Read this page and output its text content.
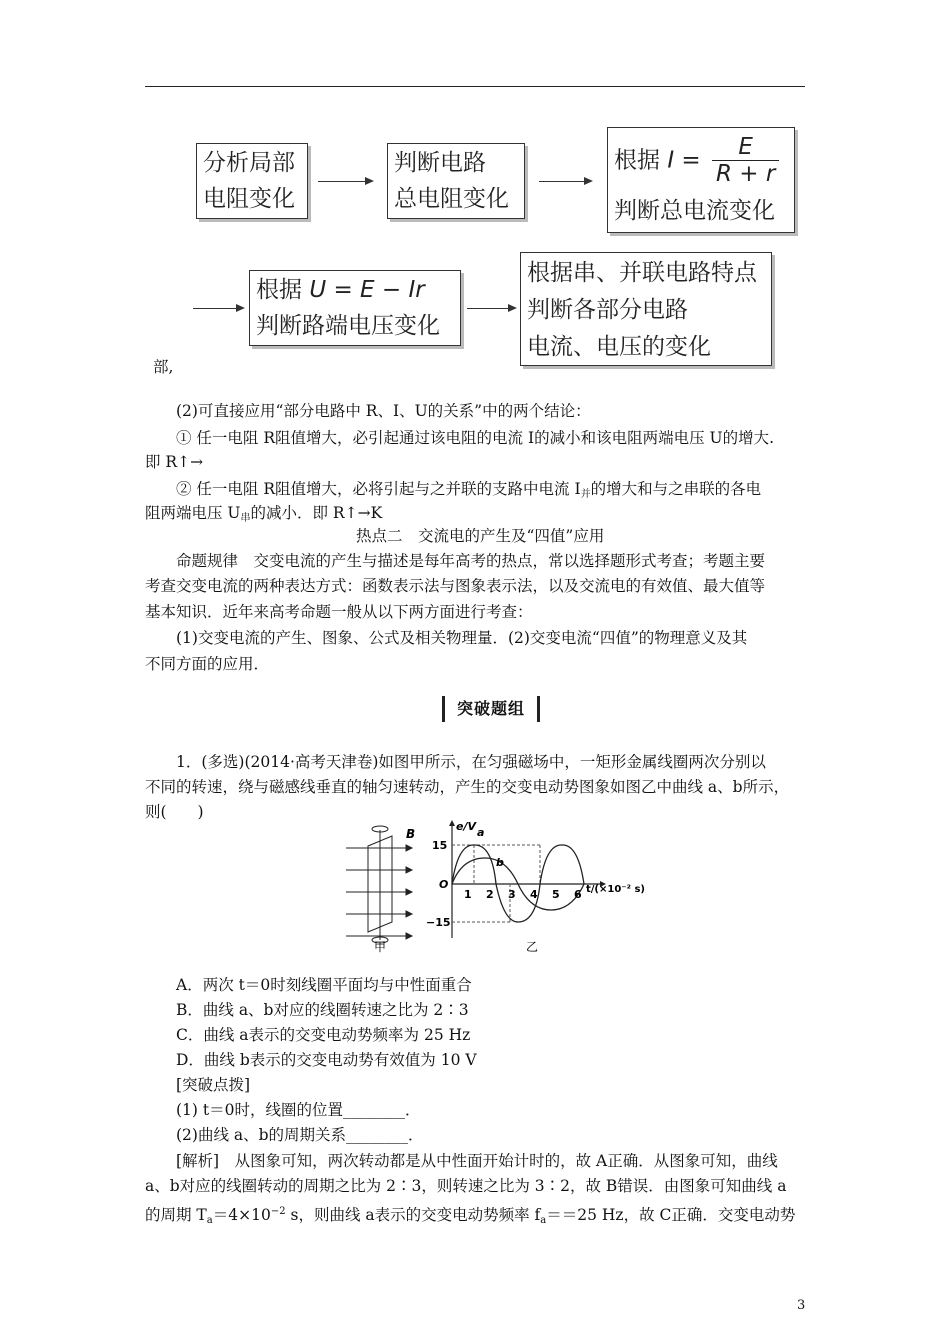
分析局部
电阻变化
判断电路
总电阻变化
根据 $I = \frac{E}{R + r}$
判断总电流变化
根据 U = E − Ir
判断路端电压变化
根据串、并联电路特点
判断各部分电路
电流、电压的变化
部,
(2)可直接应用“部分电路中 R、I、U的关系”中的两个结论：
① 任一电阻 R阻值增大，必引起通过该电阻的电流 I的减小和该电阻两端电压 U的增大.
即 R↑→
② 任一电阻 R阻值增大，必将引起与之并联的支路中电流 $I_并$的增大和与之串联的各电
阻两端电压 $U_串$的减小．即 R↑→K
热点二　交流电的产生及“四值”应用
命题规律　交变电流的产生与描述是每年高考的热点，常以选择题形式考查；考题主要
考查交变电流的两种表达方式：函数表示法与图象表示法，以及交流电的有效值、最大值等
基本知识．近年来高考命题一般从以下两方面进行考查：
(1)交变电流的产生、图象、公式及相关物理量．(2)交变电流“四值”的物理意义及其
不同方面的应用．
突破题组
1．(多选)(2014·高考天津卷)如图甲所示，在匀强磁场中，一矩形金属线圈两次分别以
不同的转速，绕与磁感线垂直的轴匀速转动，产生的交变电动势图象如图乙中曲线 a、b所示，
则(　　)
B
甲
e/V
15
−15
O
a
b
1 2 3 4 5 6 t/(×10⁻² s)
乙
A．两次 t＝0时刻线圈平面均与中性面重合
B．曲线 a、b对应的线圈转速之比为 2∶3
C．曲线 a表示的交变电动势频率为 25 Hz
D．曲线 b表示的交变电动势有效值为 10 V
[突破点拨]
(1) t＝0时，线圈的位置________．
(2)曲线 a、b的周期关系________．
[解析]　从图象可知，两次转动都是从中性面开始计时的，故 A正确．从图象可知，曲线
a、b对应的线圈转动的周期之比为 2∶3，则转速之比为 3∶2，故 B错误．由图象可知曲线 a
的周期 $T_a=4\times 10^{-2}$ s，则曲线 a表示的交变电动势频率 $f_a==25$ Hz，故 C正确．交变电动势
3
